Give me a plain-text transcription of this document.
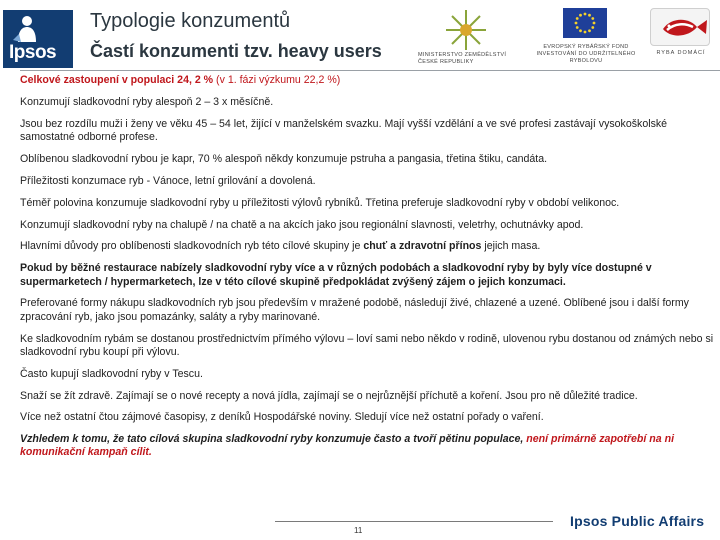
Ipsos
Typologie konzumentů
Častí konzumenti tzv. heavy users	MINISTERSTVO ZEMĚDĚLSTVÍ ČESKÉ REPUBLIKY
EVROPSKÝ RYBÁŘSKÝ FOND INVESTOVÁNÍ DO UDRŽITELNÉHO RYBOLOVU
RYBA DOMÁCÍ

Celkové zastoupení v populaci 24, 2 % (v 1. fázi výzkumu 22,2 %)

Konzumují sladkovodní ryby alespoň 2 – 3 x měsíčně.

Jsou bez rozdílu muži i ženy ve věku 45 – 54 let, žijící v manželském svazku. Mají vyšší vzdělání a ve své profesi zastávají vysokoškolské samostatné odborné profese.

Oblíbenou sladkovodní rybou je kapr, 70 % alespoň někdy konzumuje pstruha a pangasia, třetina štiku, candáta.

Příležitosti konzumace ryb - Vánoce, letní grilování a dovolená.

Téměř polovina konzumuje sladkovodní ryby u příležitosti výlovů rybníků. Třetina preferuje sladkovodní ryby v období velikonoc.

Konzumují sladkovodní ryby na chalupě / na chatě a na akcích jako jsou regionální slavnosti, veletrhy, ochutnávky apod.

Hlavními důvody pro oblíbenosti sladkovodních ryb této cílové skupiny je chuť a zdravotní přínos jejich masa.

Pokud by běžné restaurace nabízely sladkovodní ryby více a v různých podobách a sladkovodní ryby by byly více dostupné v supermarketech / hypermarketech, lze v této cílové skupině předpokládat zvýšený zájem o jejich konzumaci.

Preferované formy nákupu sladkovodních ryb jsou především v mražené podobě, následují živé, chlazené a uzené. Oblíbené jsou i další formy zpracování ryb, jako jsou pomazánky, saláty a ryby marinované.

Ke sladkovodním rybám se dostanou prostřednictvím přímého výlovu – loví sami nebo někdo v rodině, ulovenou rybu dostanou od známých nebo si sladkovodní rybu koupí při výlovu.

Často kupují sladkovodní ryby v Tescu.

Snaží se žít zdravě. Zajímají se o nové recepty a nová jídla, zajímají se o nejrůznější příchutě a koření. Jsou pro ně důležité tradice.

Více než ostatní čtou zájmové časopisy, z deníků Hospodářské noviny. Sledují více než ostatní pořady o vaření.

Vzhledem k tomu, že tato cílová skupina sladkovodní ryby konzumuje často a tvoří pětinu populace, není primárně zapotřebí na ni komunikační kampaň cílit.

11
Ipsos Public Affairs
